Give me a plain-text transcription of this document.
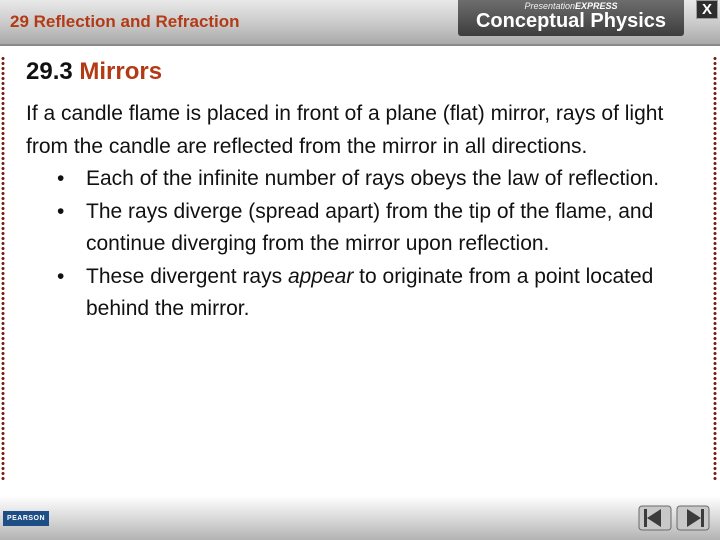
29 Reflection and Refraction
PresentationEXPRESS
Conceptual Physics
X
29.3 Mirrors

If a candle flame is placed in front of a plane (flat) mirror, rays of light from the candle are reflected from the mirror in all directions.

• Each of the infinite number of rays obeys the law of reflection.
• The rays diverge (spread apart) from the tip of the flame, and continue diverging from the mirror upon reflection.
• These divergent rays appear to originate from a point located behind the mirror.
PEARSON
